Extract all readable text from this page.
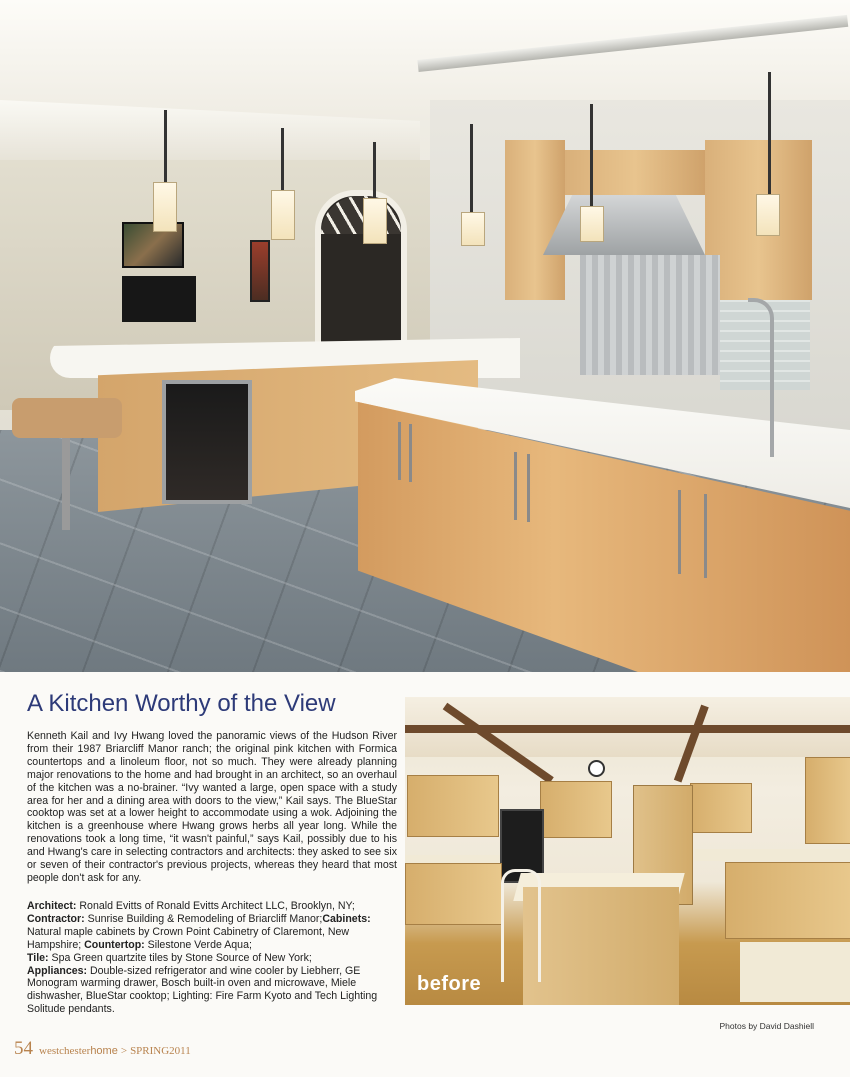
A Kitchen Worthy of the View

Kenneth Kail and Ivy Hwang loved the panoramic views of the Hudson River from their 1987 Briarcliff Manor ranch; the original pink kitchen with Formica countertops and a linoleum floor, not so much. They were already planning major renovations to the home and had brought in an architect, so an overhaul of the kitchen was a no-brainer. “Ivy wanted a large, open space with a study area for her and a dining area with doors to the view,” Kail says. The BlueStar cooktop was set at a lower height to accommodate using a wok. Adjoining the kitchen is a greenhouse where Hwang grows herbs all year long. While the renovations took a long time, “it wasn't painful,” says Kail, possibly due to his and Hwang's care in selecting contractors and architects: they asked to see six or seven of their contractor's previous projects, whereas they heard that most people don't ask for any.

Architect: Ronald Evitts of Ronald Evitts Architect LLC, Brooklyn, NY; Contractor: Sunrise Building & Remodeling of Briarcliff Manor;Cabinets: Natural maple cabinets by Crown Point Cabinetry of Claremont, New Hampshire; Countertop: Silestone Verde Aqua;
Tile: Spa Green quartzite tiles by Stone Source of New York;
Appliances: Double-sized refrigerator and wine cooler by Liebherr, GE Monogram warming drawer, Bosch built-in oven and microwave, Miele dishwasher, BlueStar cooktop; Lighting: Fire Farm Kyoto and Tech Lighting Solitude pendants.

before
Photos by David Dashiell
54 westchesterhome > SPRING2011
